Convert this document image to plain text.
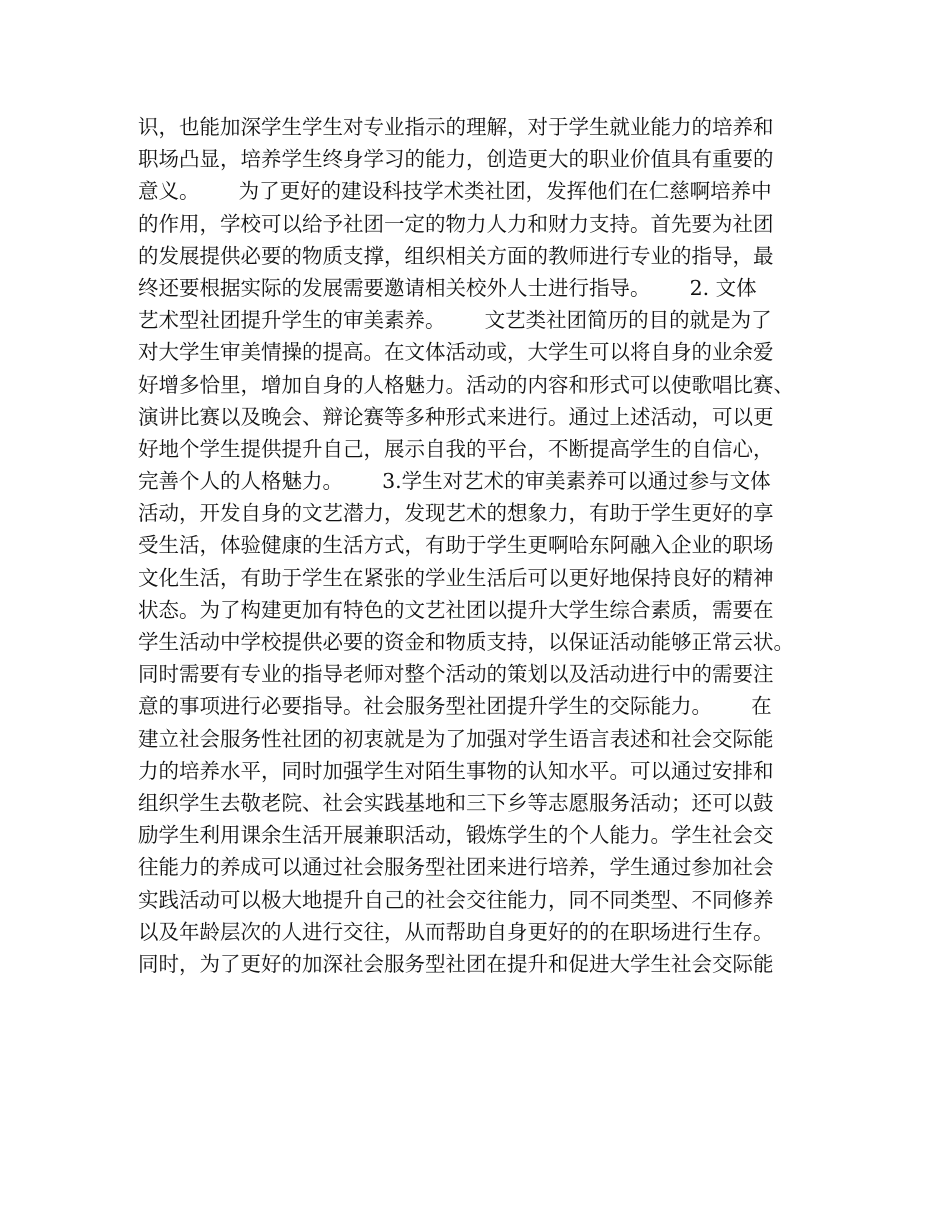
识，也能加深学生学生对专业指示的理解，对于学生就业能力的培养和
职场凸显，培养学生终身学习的能力，创造更大的职业价值具有重要的
意义。      为了更好的建设科技学术类社团，发挥他们在仁慈啊培养中
的作用，学校可以给予社团一定的物力人力和财力支持。首先要为社团
的发展提供必要的物质支撑，组织相关方面的教师进行专业的指导，最
终还要根据实际的发展需要邀请相关校外人士进行指导。      2. 文体
艺术型社团提升学生的审美素养。      文艺类社团简历的目的就是为了
对大学生审美情操的提高。在文体活动或，大学生可以将自身的业余爱
好增多恰里，增加自身的人格魅力。活动的内容和形式可以使歌唱比赛、
演讲比赛以及晚会、辩论赛等多种形式来进行。通过上述活动，可以更
好地个学生提供提升自己，展示自我的平台，不断提高学生的自信心，
完善个人的人格魅力。      3.学生对艺术的审美素养可以通过参与文体
活动，开发自身的文艺潜力，发现艺术的想象力，有助于学生更好的享
受生活，体验健康的生活方式，有助于学生更啊哈东阿融入企业的职场
文化生活，有助于学生在紧张的学业生活后可以更好地保持良好的精神
状态。为了构建更加有特色的文艺社团以提升大学生综合素质，需要在
学生活动中学校提供必要的资金和物质支持，以保证活动能够正常云状。
同时需要有专业的指导老师对整个活动的策划以及活动进行中的需要注
意的事项进行必要指导。社会服务型社团提升学生的交际能力。      在
建立社会服务性社团的初衷就是为了加强对学生语言表述和社会交际能
力的培养水平，同时加强学生对陌生事物的认知水平。可以通过安排和
组织学生去敬老院、社会实践基地和三下乡等志愿服务活动；还可以鼓
励学生利用课余生活开展兼职活动，锻炼学生的个人能力。学生社会交
往能力的养成可以通过社会服务型社团来进行培养，学生通过参加社会
实践活动可以极大地提升自己的社会交往能力，同不同类型、不同修养
以及年龄层次的人进行交往，从而帮助自身更好的的在职场进行生存。
同时，为了更好的加深社会服务型社团在提升和促进大学生社会交际能
